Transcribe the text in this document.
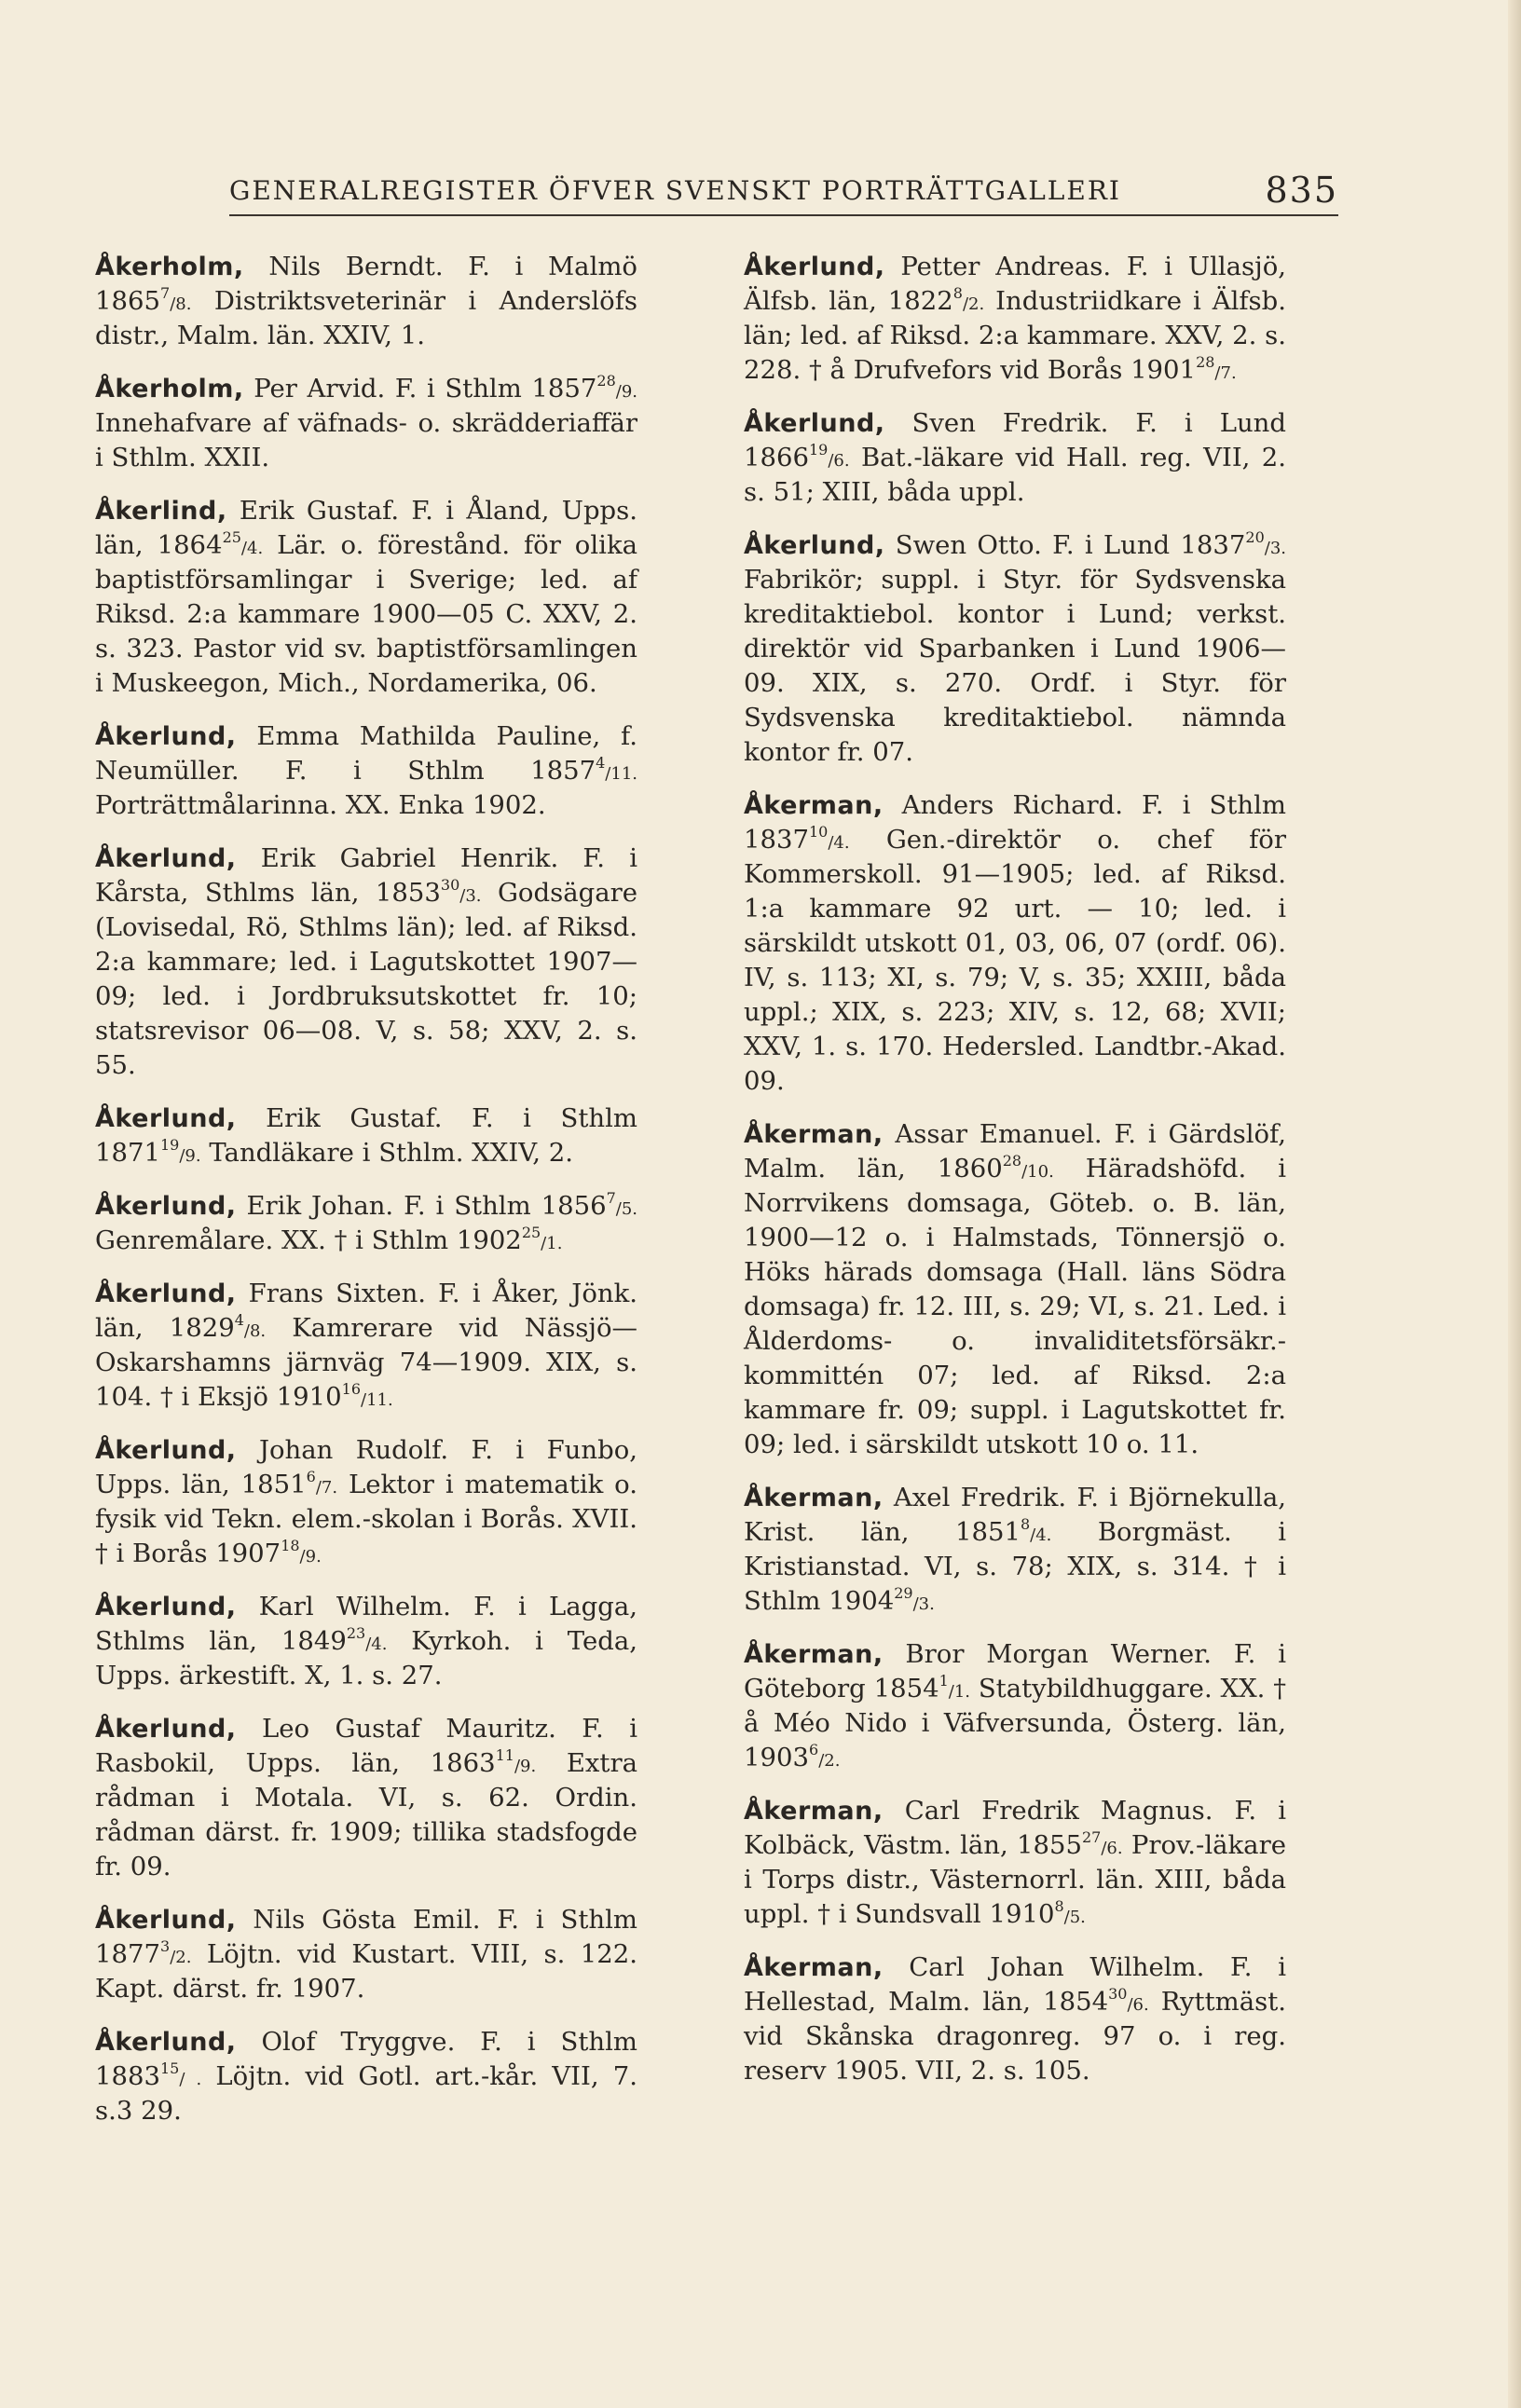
GENERALREGISTER ÖFVER SVENSKT PORTRÄTTGALLERI	835

Åkerholm, Nils Berndt. F. i Malmö 1865$^7$/8. Distriktsveterinär i Anderslöfs distr., Malm. län. XXIV, 1.

Åkerholm, Per Arvid. F. i Sthlm 1857$^{28}$/9. Innehafvare af väfnads- o. skrädderiaffär i Sthlm. XXII.

Åkerlind, Erik Gustaf. F. i Åland, Upps. län, 1864$^{25}$/4. Lär. o. förestånd. för olika baptistförsamlingar i Sverige; led. af Riksd. 2:a kammare 1900—05 C. XXV, 2. s. 323. Pastor vid sv. baptistförsamlingen i Muskeegon, Mich., Nordamerika, 06.

Åkerlund, Emma Mathilda Pauline, f. Neumüller. F. i Sthlm 1857$^4$/11. Porträttmålarinna. XX. Enka 1902.

Åkerlund, Erik Gabriel Henrik. F. i Kårsta, Sthlms län, 1853$^{30}$/3. Godsägare (Lovisedal, Rö, Sthlms län); led. af Riksd. 2:a kammare; led. i Lagutskottet 1907—09; led. i Jordbruksutskottet fr. 10; statsrevisor 06—08. V, s. 58; XXV, 2. s. 55.

Åkerlund, Erik Gustaf. F. i Sthlm 1871$^{19}$/9. Tandläkare i Sthlm. XXIV, 2.

Åkerlund, Erik Johan. F. i Sthlm 1856$^7$/5. Genremålare. XX. † i Sthlm 1902$^{25}$/1.

Åkerlund, Frans Sixten. F. i Åker, Jönk. län, 1829$^4$/8. Kamrerare vid Nässjö—Oskarshamns järnväg 74—1909. XIX, s. 104. † i Eksjö 1910$^{16}$/11.

Åkerlund, Johan Rudolf. F. i Funbo, Upps. län, 1851$^6$/7. Lektor i matematik o. fysik vid Tekn. elem.-skolan i Borås. XVII. † i Borås 1907$^{18}$/9.

Åkerlund, Karl Wilhelm. F. i Lagga, Sthlms län, 1849$^{23}$/4. Kyrkoh. i Teda, Upps. ärkestift. X, 1. s. 27.

Åkerlund, Leo Gustaf Mauritz. F. i Rasbokil, Upps. län, 1863$^{11}$/9. Extra rådman i Motala. VI, s. 62. Ordin. rådman därst. fr. 1909; tillika stadsfogde fr. 09.

Åkerlund, Nils Gösta Emil. F. i Sthlm 1877$^3$/2. Löjtn. vid Kustart. VIII, s. 122. Kapt. därst. fr. 1907.

Åkerlund, Olof Tryggve. F. i Sthlm 1883$^{15}$/ . Löjtn. vid Gotl. art.-kår. VII, 7. s.3 29.

Åkerlund, Petter Andreas. F. i Ullasjö, Älfsb. län, 1822$^8$/2. Industriidkare i Älfsb. län; led. af Riksd. 2:a kammare. XXV, 2. s. 228. † å Drufvefors vid Borås 1901$^{28}$/7.

Åkerlund, Sven Fredrik. F. i Lund 1866$^{19}$/6. Bat.-läkare vid Hall. reg. VII, 2. s. 51; XIII, båda uppl.

Åkerlund, Swen Otto. F. i Lund 1837$^{20}$/3. Fabrikör; suppl. i Styr. för Sydsvenska kreditaktiebol. kontor i Lund; verkst. direktör vid Sparbanken i Lund 1906—09. XIX, s. 270. Ordf. i Styr. för Sydsvenska kreditaktiebol. nämnda kontor fr. 07.

Åkerman, Anders Richard. F. i Sthlm 1837$^{10}$/4. Gen.-direktör o. chef för Kommerskoll. 91—1905; led. af Riksd. 1:a kammare 92 urt. — 10; led. i särskildt utskott 01, 03, 06, 07 (ordf. 06). IV, s. 113; XI, s. 79; V, s. 35; XXIII, båda uppl.; XIX, s. 223; XIV, s. 12, 68; XVII; XXV, 1. s. 170. Hedersled. Landtbr.-Akad. 09.

Åkerman, Assar Emanuel. F. i Gärdslöf, Malm. län, 1860$^{28}$/10. Häradshöfd. i Norrvikens domsaga, Göteb. o. B. län, 1900—12 o. i Halmstads, Tönnersjö o. Höks härads domsaga (Hall. läns Södra domsaga) fr. 12. III, s. 29; VI, s. 21. Led. i Ålderdoms- o. invaliditetsförsäkr.-kommittén 07; led. af Riksd. 2:a kammare fr. 09; suppl. i Lagutskottet fr. 09; led. i särskildt utskott 10 o. 11.

Åkerman, Axel Fredrik. F. i Björnekulla, Krist. län, 1851$^8$/4. Borgmäst. i Kristianstad. VI, s. 78; XIX, s. 314. † i Sthlm 1904$^{29}$/3.

Åkerman, Bror Morgan Werner. F. i Göteborg 1854$^1$/1. Statybildhuggare. XX. † å Méo Nido i Väfversunda, Österg. län, 1903$^6$/2.

Åkerman, Carl Fredrik Magnus. F. i Kolbäck, Västm. län, 1855$^{27}$/6. Prov.-läkare i Torps distr., Västernorrl. län. XIII, båda uppl. † i Sundsvall 1910$^8$/5.

Åkerman, Carl Johan Wilhelm. F. i Hellestad, Malm. län, 1854$^{30}$/6. Ryttmäst. vid Skånska dragonreg. 97 o. i reg. reserv 1905. VII, 2. s. 105.
